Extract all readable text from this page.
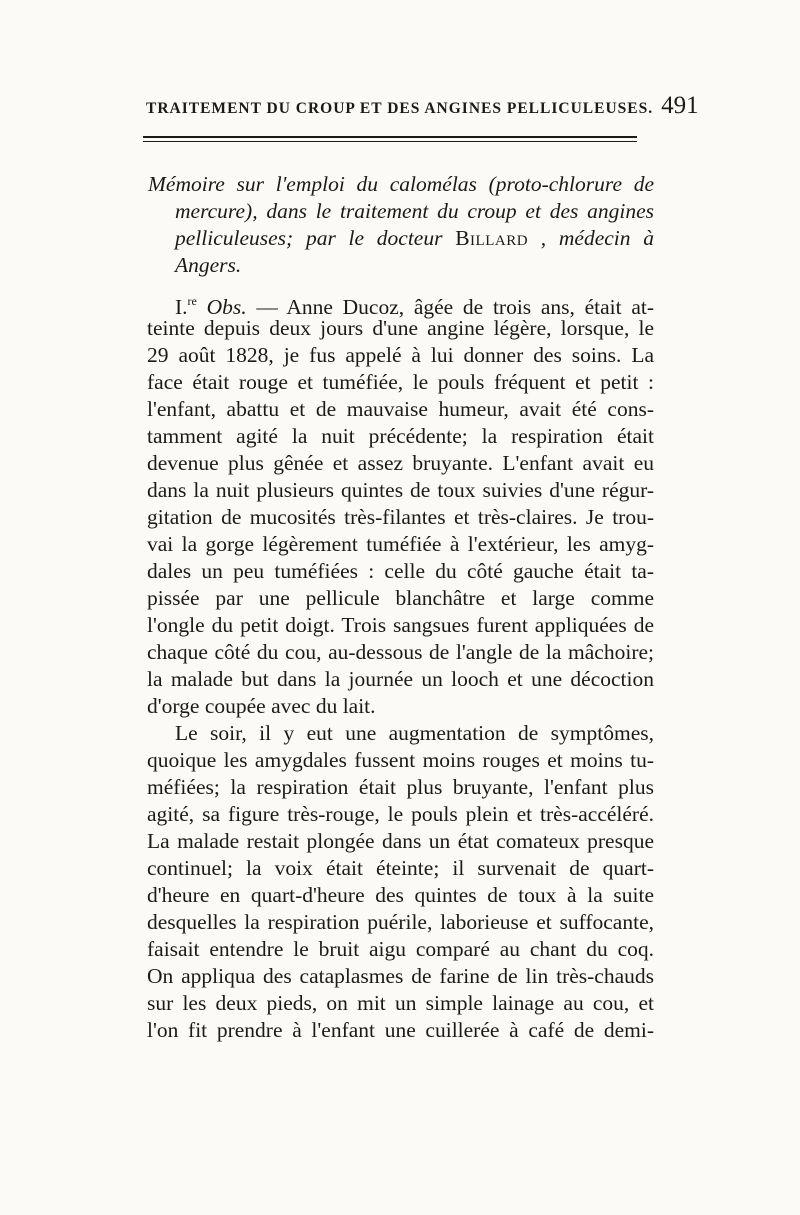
TRAITEMENT DU CROUP ET DES ANGINES PELLICULEUSES. 491
Mémoire sur l'emploi du calomélas (proto-chlorure de
mercure), dans le traitement du croup et des angines
pelliculeuses; par le docteur Billard , médecin à
Angers.
I.$^{re}$ Obs. — Anne Ducoz, âgée de trois ans, était at-
teinte depuis deux jours d'une angine légère, lorsque, le
29 août 1828, je fus appelé à lui donner des soins. La
face était rouge et tuméfiée, le pouls fréquent et petit :
l'enfant, abattu et de mauvaise humeur, avait été cons-
tamment agité la nuit précédente; la respiration était
devenue plus gênée et assez bruyante. L'enfant avait eu
dans la nuit plusieurs quintes de toux suivies d'une régur-
gitation de mucosités très-filantes et très-claires. Je trou-
vai la gorge légèrement tuméfiée à l'extérieur, les amyg-
dales un peu tuméfiées : celle du côté gauche était ta-
pissée par une pellicule blanchâtre et large comme
l'ongle du petit doigt. Trois sangsues furent appliquées de
chaque côté du cou, au-dessous de l'angle de la mâchoire;
la malade but dans la journée un looch et une décoction
d'orge coupée avec du lait.
Le soir, il y eut une augmentation de symptômes,
quoique les amygdales fussent moins rouges et moins tu-
méfiées; la respiration était plus bruyante, l'enfant plus
agité, sa figure très-rouge, le pouls plein et très-accéléré.
La malade restait plongée dans un état comateux presque
continuel; la voix était éteinte; il survenait de quart-
d'heure en quart-d'heure des quintes de toux à la suite
desquelles la respiration puérile, laborieuse et suffocante,
faisait entendre le bruit aigu comparé au chant du coq.
On appliqua des cataplasmes de farine de lin très-chauds
sur les deux pieds, on mit un simple lainage au cou, et
l'on fit prendre à l'enfant une cuillerée à café de demi-
